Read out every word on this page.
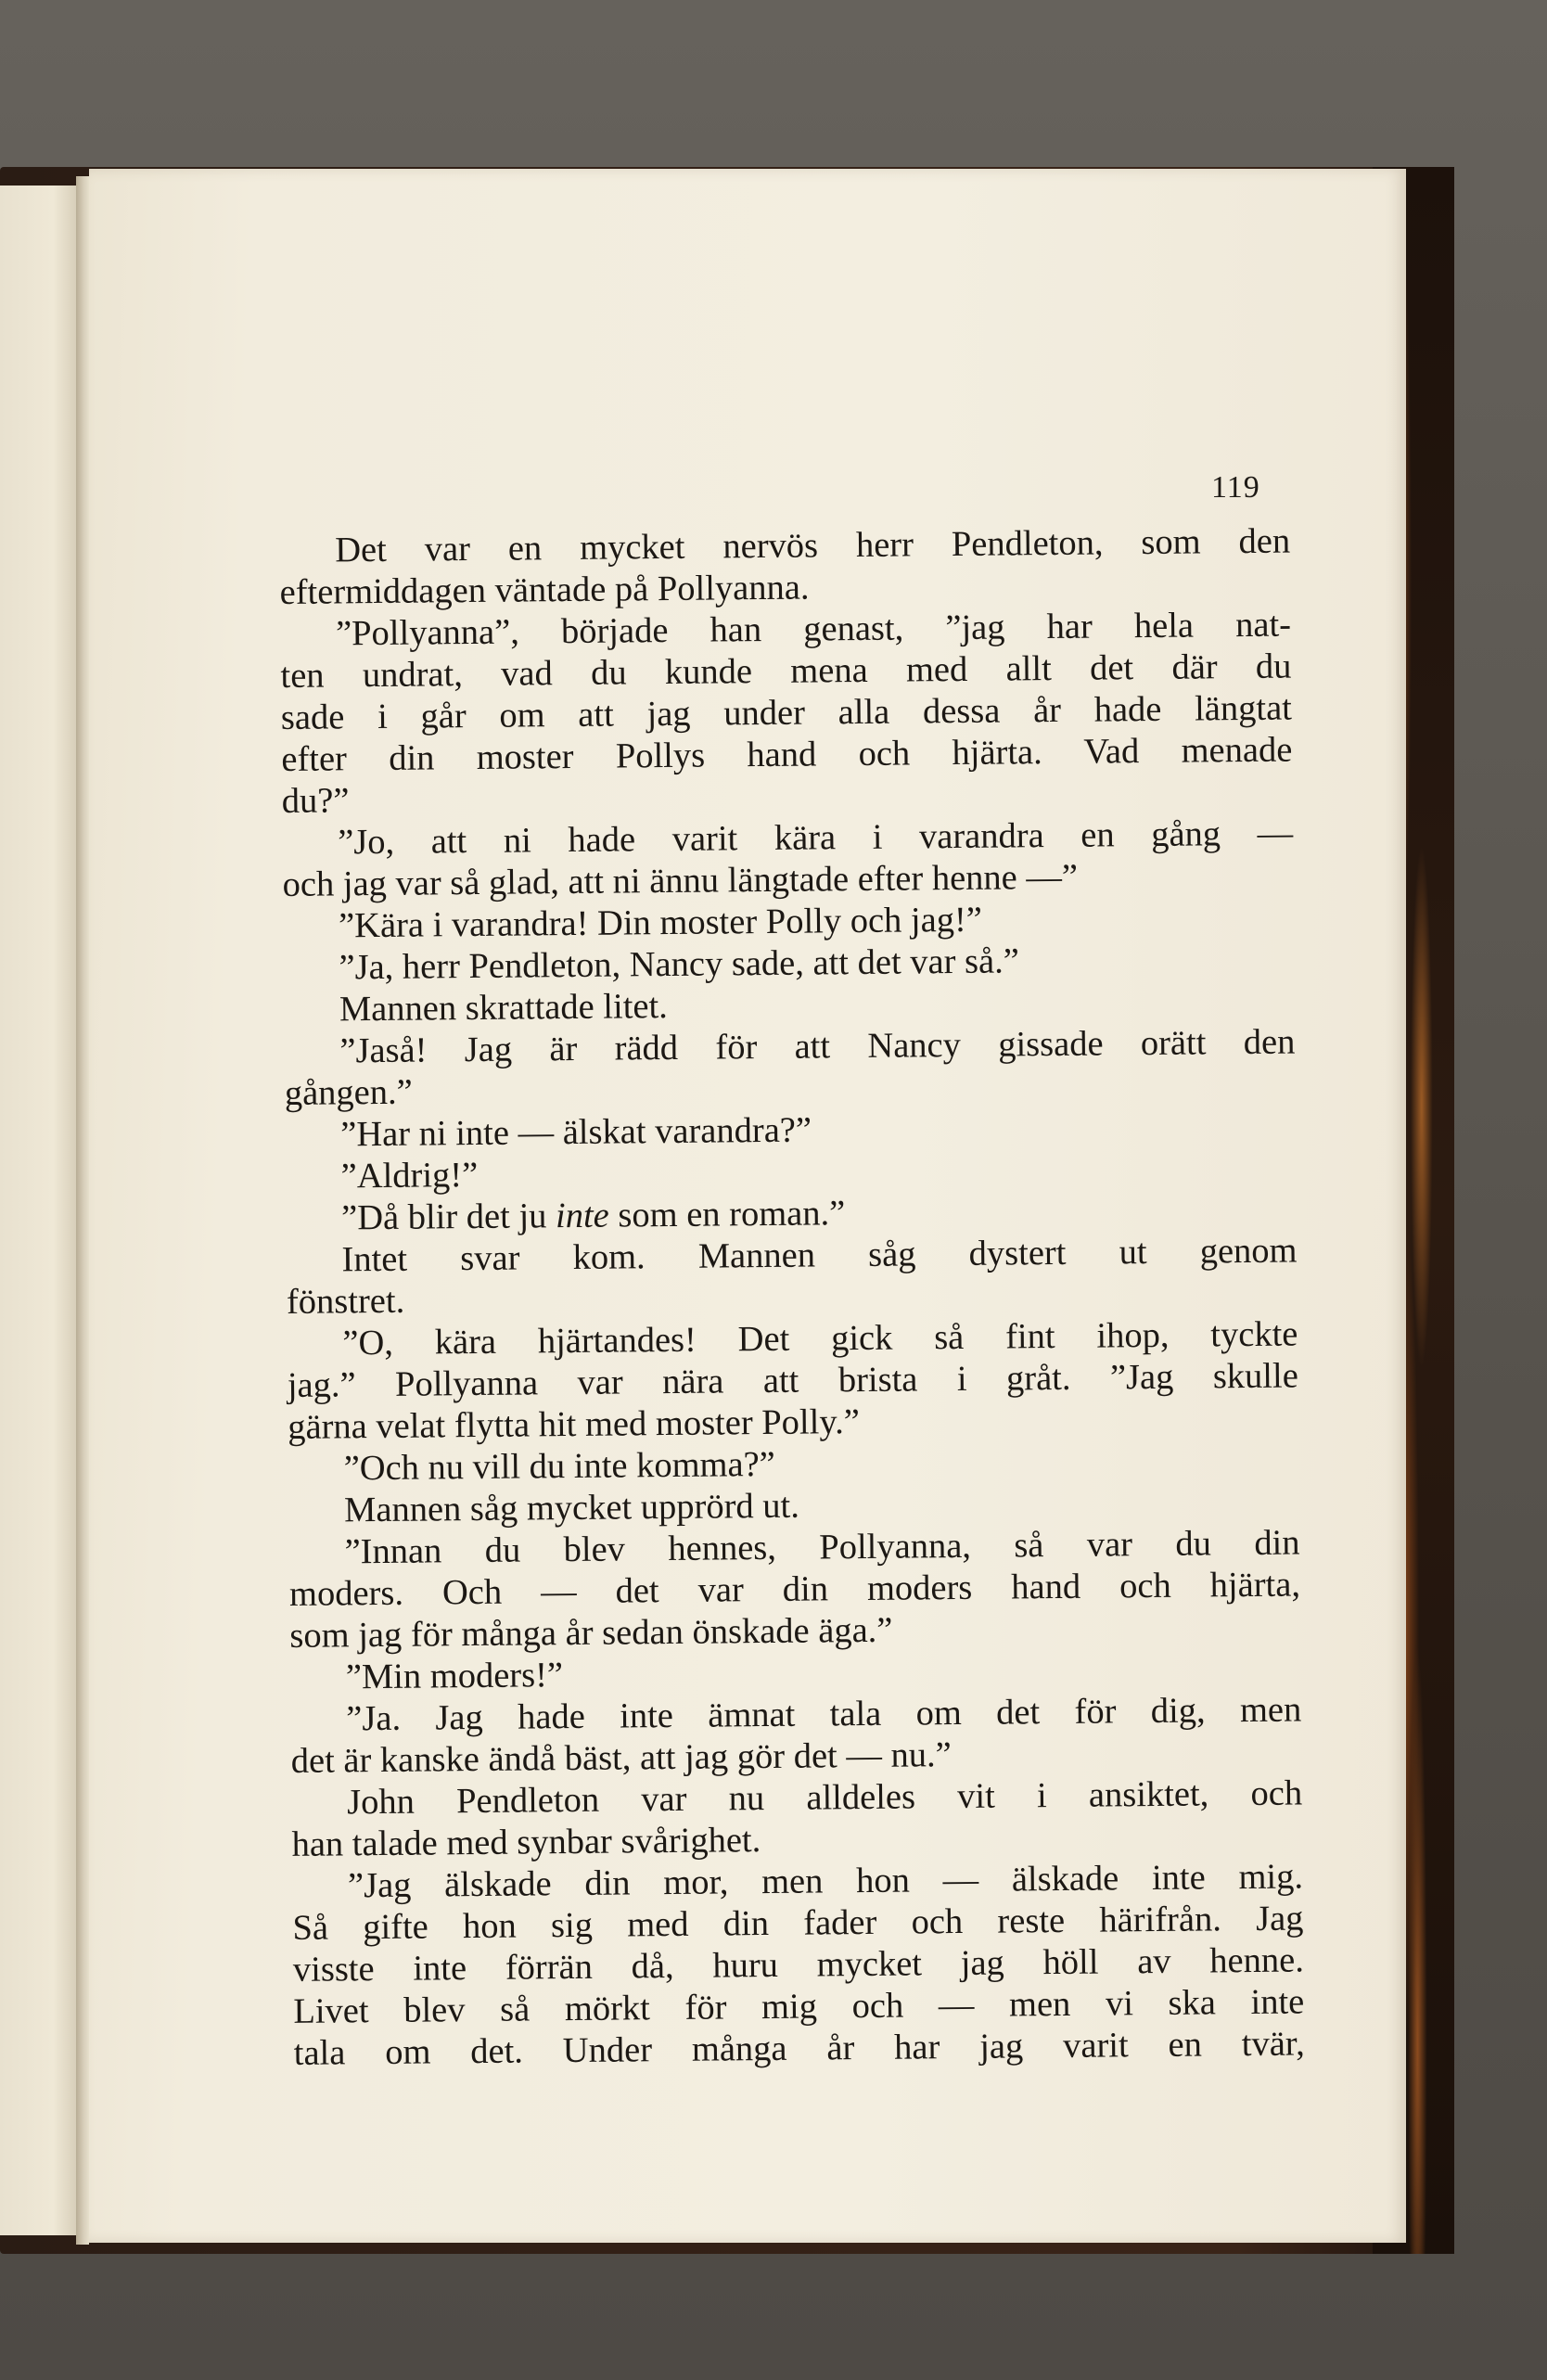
119
Det var en mycket nervös herr Pendleton, som den
eftermiddagen väntade på Pollyanna.
”Pollyanna”, började han genast, ”jag har hela nat-
ten undrat, vad du kunde mena med allt det där du
sade i går om att jag under alla dessa år hade längtat
efter din moster Pollys hand och hjärta. Vad menade
du?”
”Jo, att ni hade varit kära i varandra en gång —
och jag var så glad, att ni ännu längtade efter henne —”
”Kära i varandra! Din moster Polly och jag!”
”Ja, herr Pendleton, Nancy sade, att det var så.”
Mannen skrattade litet.
”Jaså! Jag är rädd för att Nancy gissade orätt den
gången.”
”Har ni inte — älskat varandra?”
”Aldrig!”
”Då blir det ju inte som en roman.”
Intet svar kom. Mannen såg dystert ut genom
fönstret.
”O, kära hjärtandes! Det gick så fint ihop, tyckte
jag.” Pollyanna var nära att brista i gråt. ”Jag skulle
gärna velat flytta hit med moster Polly.”
”Och nu vill du inte komma?”
Mannen såg mycket upprörd ut.
”Innan du blev hennes, Pollyanna, så var du din
moders. Och — det var din moders hand och hjärta,
som jag för många år sedan önskade äga.”
”Min moders!”
”Ja. Jag hade inte ämnat tala om det för dig, men
det är kanske ändå bäst, att jag gör det — nu.”
John Pendleton var nu alldeles vit i ansiktet, och
han talade med synbar svårighet.
”Jag älskade din mor, men hon — älskade inte mig.
Så gifte hon sig med din fader och reste härifrån. Jag
visste inte förrän då, huru mycket jag höll av henne.
Livet blev så mörkt för mig och — men vi ska inte
tala om det. Under många år har jag varit en tvär,
